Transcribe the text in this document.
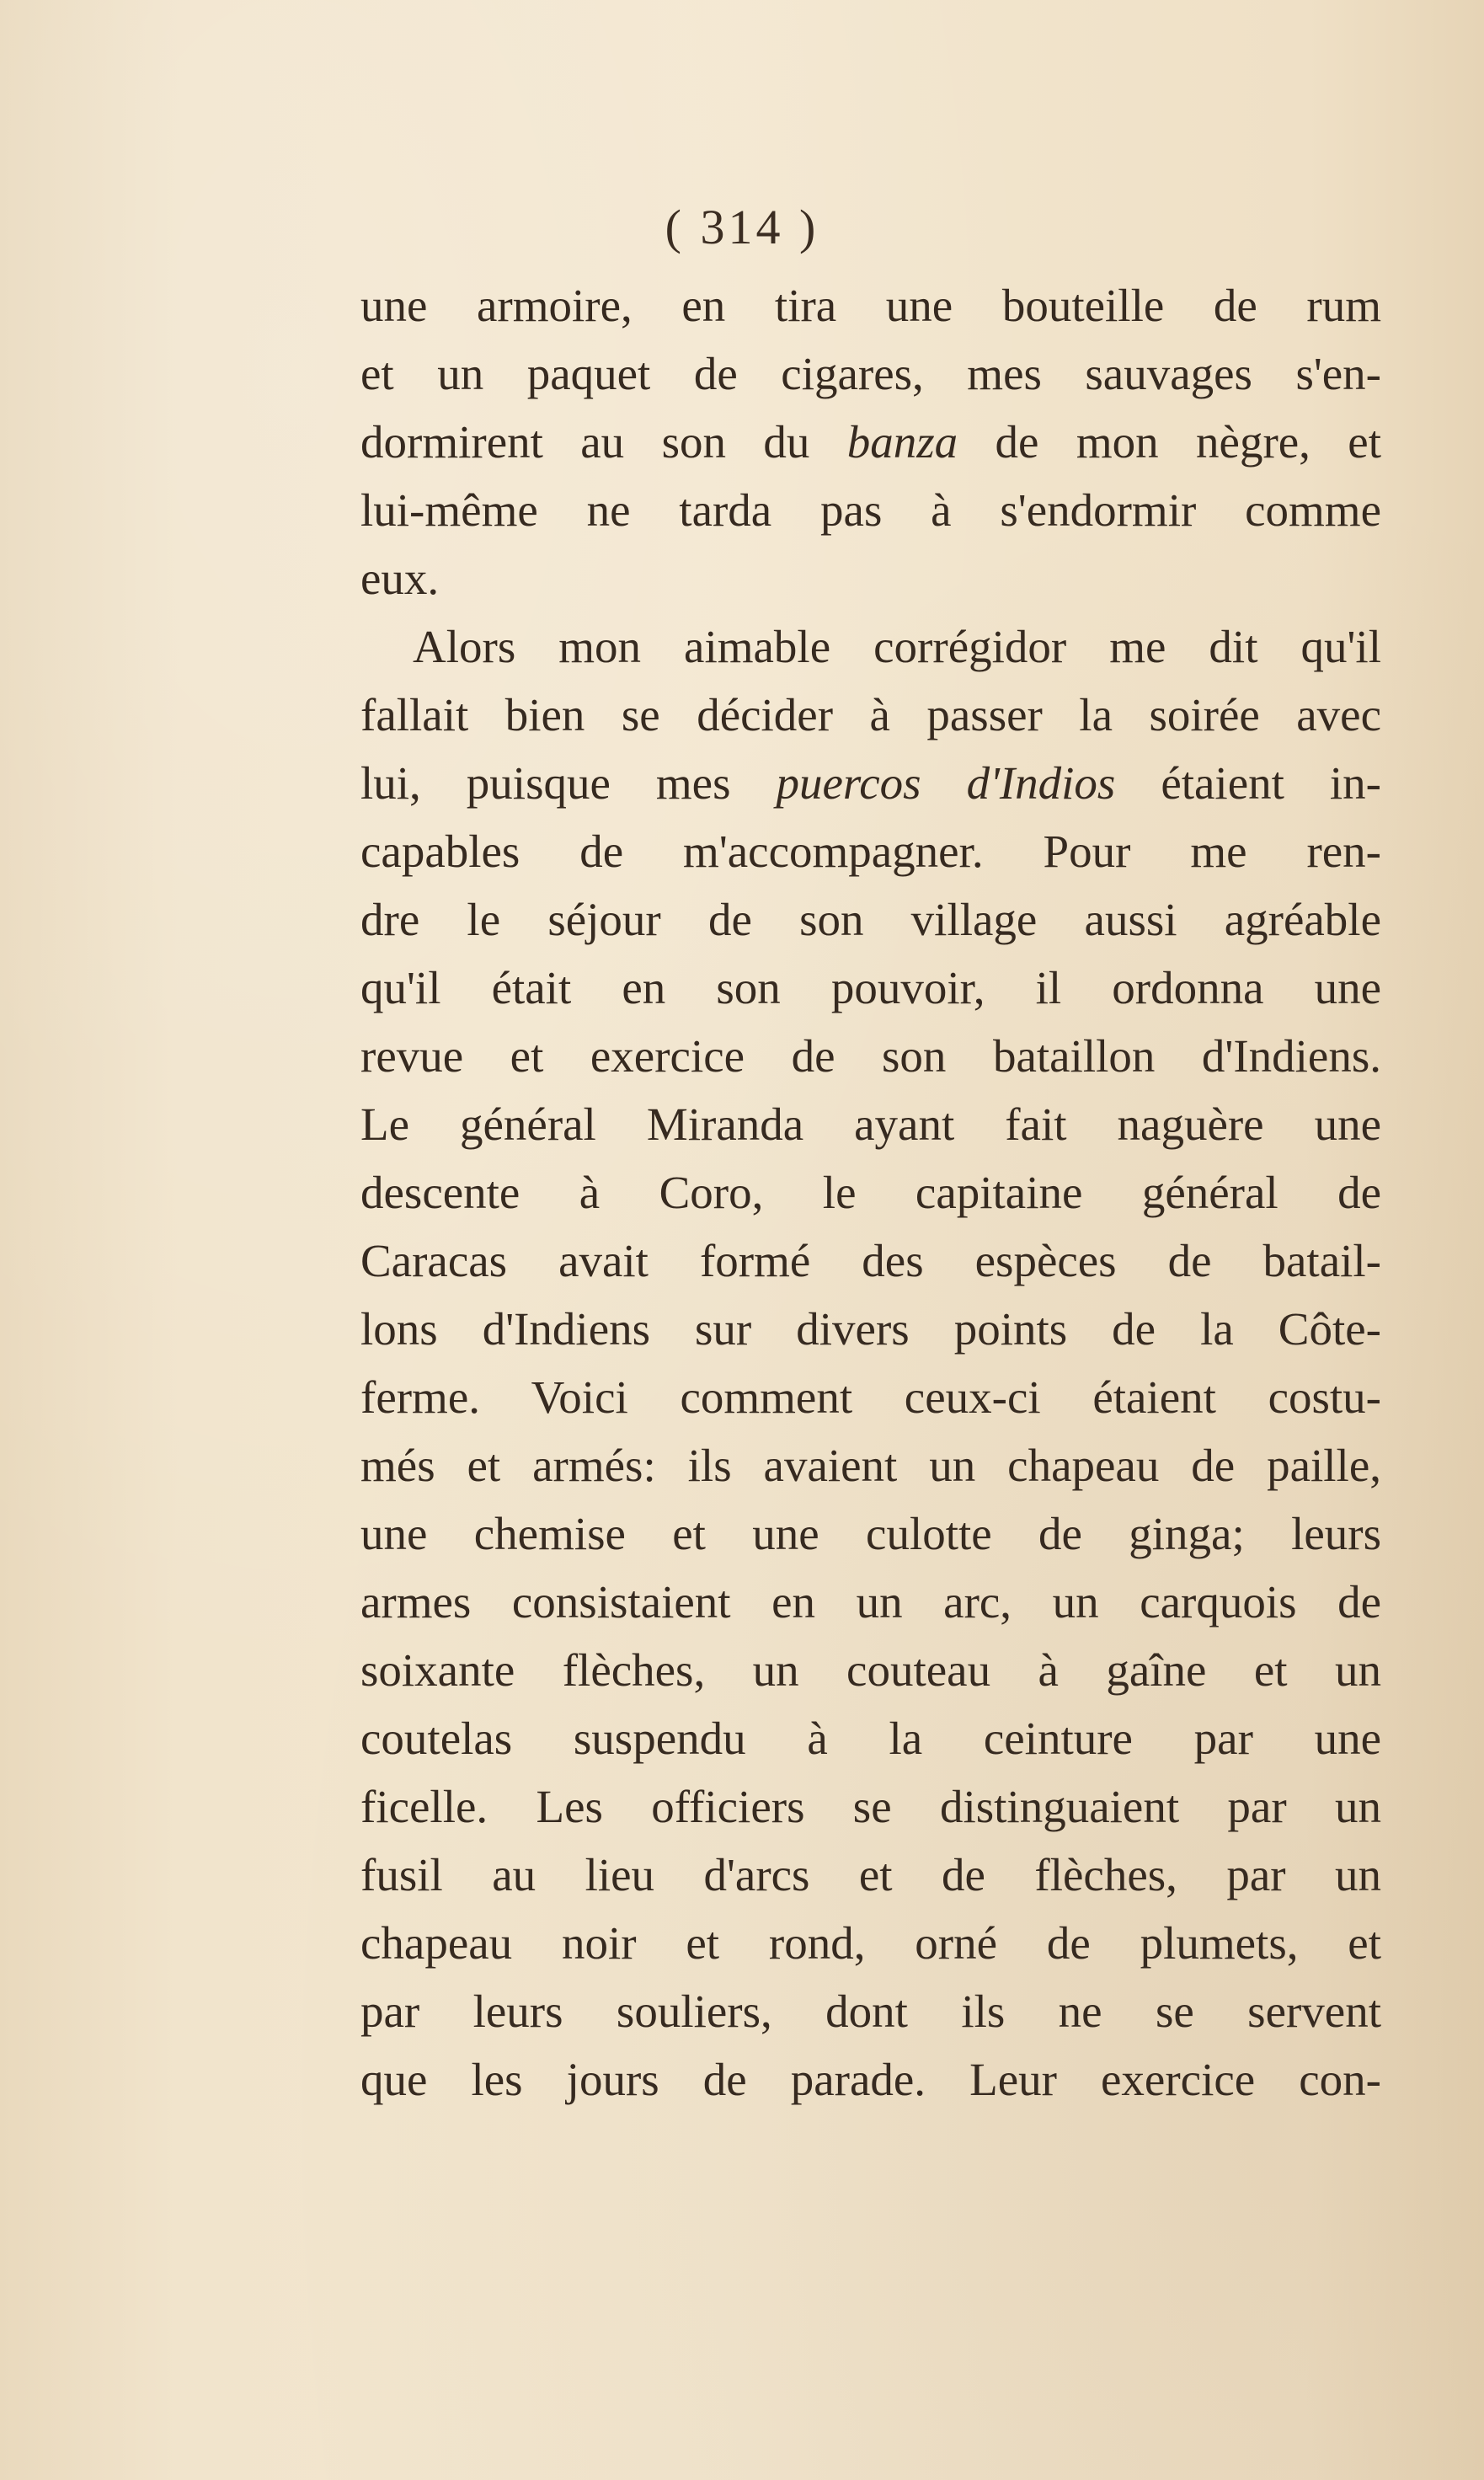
( 314 )
une armoire, en tira une bouteille de rum
et un paquet de cigares, mes sauvages s'en-
dormirent au son du banza de mon nègre, et
lui-même ne tarda pas à s'endormir comme
eux.
Alors mon aimable corrégidor me dit qu'il
fallait bien se décider à passer la soirée avec
lui, puisque mes puercos d'Indios étaient in-
capables de m'accompagner. Pour me ren-
dre le séjour de son village aussi agréable
qu'il était en son pouvoir, il ordonna une
revue et exercice de son bataillon d'Indiens.
Le général Miranda ayant fait naguère une
descente à Coro, le capitaine général de
Caracas avait formé des espèces de batail-
lons d'Indiens sur divers points de la Côte-
ferme. Voici comment ceux-ci étaient costu-
més et armés: ils avaient un chapeau de paille,
une chemise et une culotte de ginga; leurs
armes consistaient en un arc, un carquois de
soixante flèches, un couteau à gaîne et un
coutelas suspendu à la ceinture par une
ficelle. Les officiers se distinguaient par un
fusil au lieu d'arcs et de flèches, par un
chapeau noir et rond, orné de plumets, et
par leurs souliers, dont ils ne se servent
que les jours de parade. Leur exercice con-
